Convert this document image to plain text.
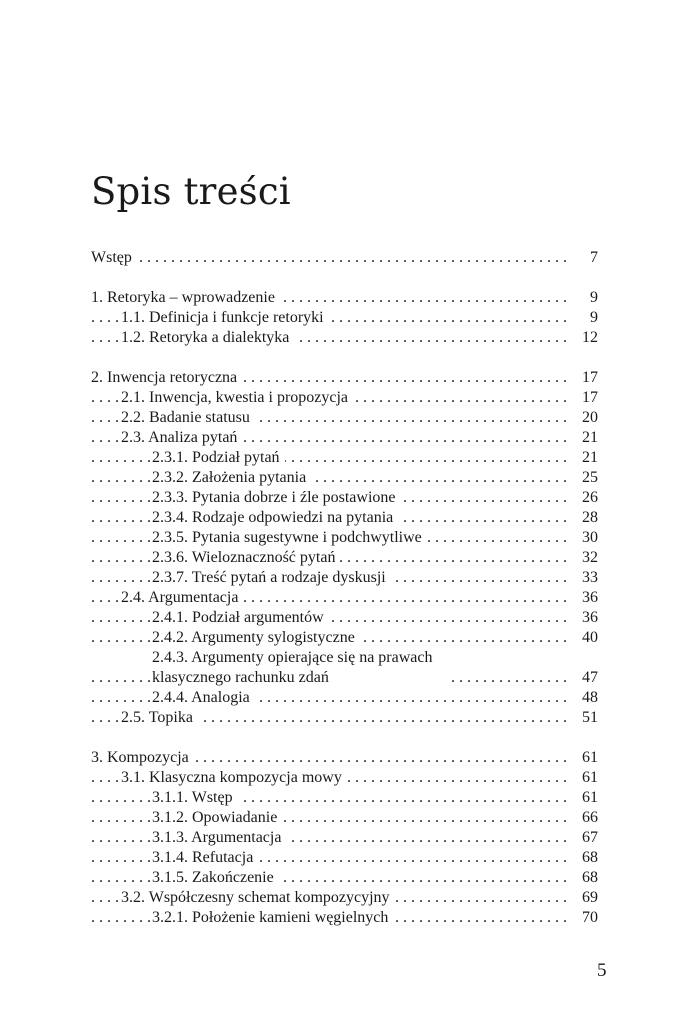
Spis treści
. . .
Wstęp	7
. . .
1. Retoryka – wprowadzenie	9
. . .
1.1. Definicja i funkcje retoryki	9
. . .
1.2. Retoryka a dialektyka	12
. . .
2. Inwencja retoryczna	17
. . .
2.1. Inwencja, kwestia i propozycja	17
. . .
2.2. Badanie statusu	20
. . .
2.3. Analiza pytań	21
. . .
2.3.1. Podział pytań	21
. . .
2.3.2. Założenia pytania	25
. . .
2.3.3. Pytania dobrze i źle postawione	26
. . .
2.3.4. Rodzaje odpowiedzi na pytania	28
. . .
2.3.5. Pytania sugestywne i podchwytliwe	30
. . .
2.3.6. Wieloznaczność pytań	32
. . .
2.3.7. Treść pytań a rodzaje dyskusji	33
. . .
2.4. Argumentacja	36
. . .
2.4.1. Podział argumentów	36
. . .
2.4.2. Argumenty sylogistyczne	40
. . .
2.4.3. Argumenty opierające się na prawach klasycznego rachunku zdań	47
. . .
2.4.4. Analogia	48
. . .
2.5. Topika	51
. . .
3. Kompozycja	61
. . .
3.1. Klasyczna kompozycja mowy	61
. . .
3.1.1. Wstęp	61
. . .
3.1.2. Opowiadanie	66
. . .
3.1.3. Argumentacja	67
. . .
3.1.4. Refutacja	68
. . .
3.1.5. Zakończenie	68
. . .
3.2. Współczesny schemat kompozycyjny	69
. . .
3.2.1. Położenie kamieni węgielnych	70
5
